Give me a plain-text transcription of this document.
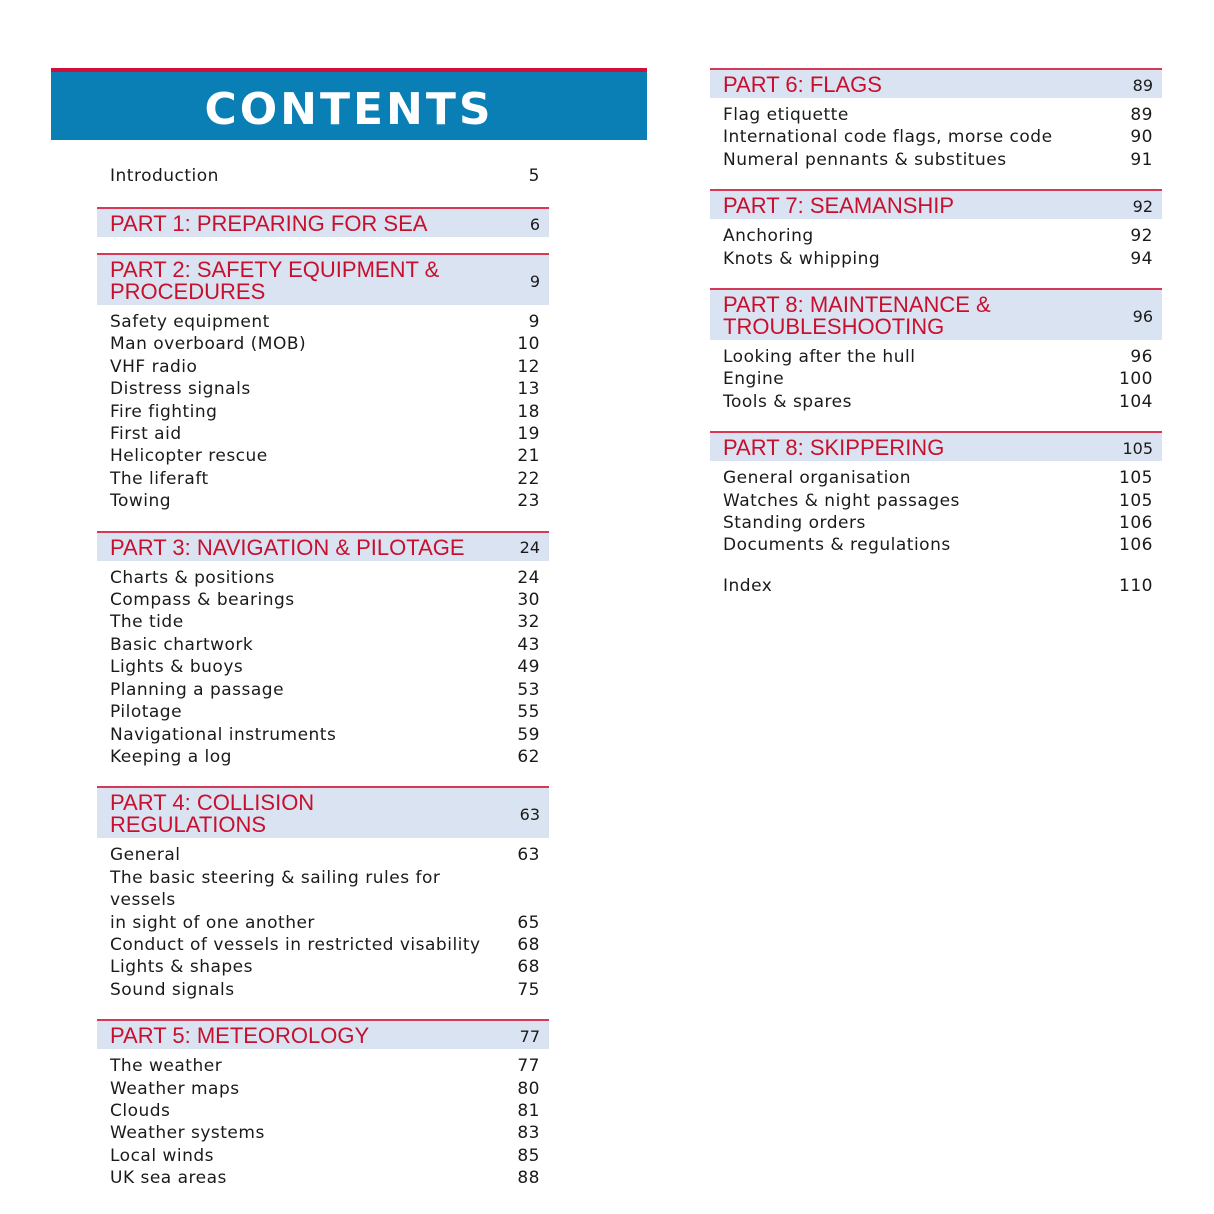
CONTENTS
Introduction	5
PART 1: PREPARING FOR SEA	6
PART 2: SAFETY EQUIPMENT & PROCEDURES	9
Safety equipment	9
Man overboard (MOB)	10
VHF radio	12
Distress signals	13
Fire fighting	18
First aid	19
Helicopter rescue	21
The liferaft	22
Towing	23
PART 3: NAVIGATION & PILOTAGE	24
Charts & positions	24
Compass & bearings	30
The tide	32
Basic chartwork	43
Lights & buoys	49
Planning a passage	53
Pilotage	55
Navigational instruments	59
Keeping a log	62
PART 4: COLLISION REGULATIONS	63
General	63
The basic steering & sailing rules for vessels
in sight of one another	65
Conduct of vessels in restricted visability	68
Lights & shapes	68
Sound signals	75
PART 5: METEOROLOGY	77
The weather	77
Weather maps	80
Clouds	81
Weather systems	83
Local winds	85
UK sea areas	88
PART 6: FLAGS	89
Flag etiquette	89
International code flags, morse code	90
Numeral pennants & substitues	91
PART 7: SEAMANSHIP	92
Anchoring	92
Knots & whipping	94
PART 8: MAINTENANCE & TROUBLESHOOTING	96
Looking after the hull	96
Engine	100
Tools & spares	104
PART 8: SKIPPERING	105
General organisation	105
Watches & night passages	105
Standing orders	106
Documents & regulations	106
Index	110
